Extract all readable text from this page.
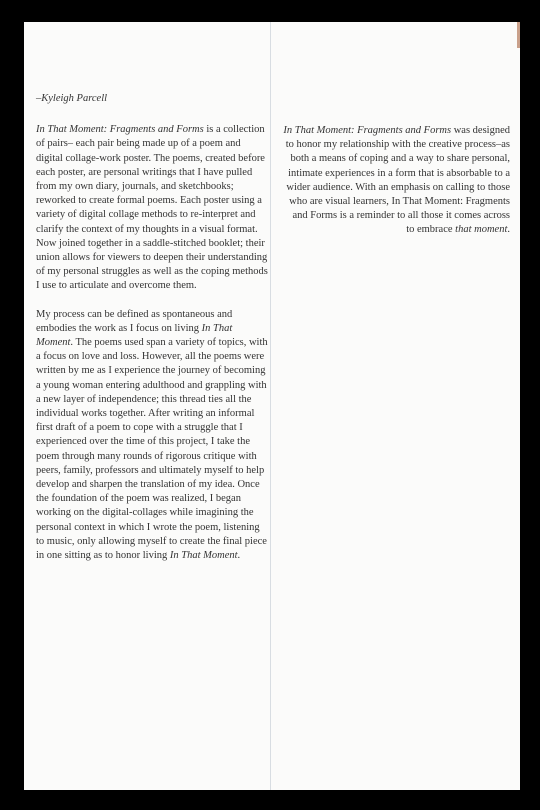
–Kyleigh Parcell

In That Moment: Fragments and Forms is a collection of pairs– each pair being made up of a poem and digital collage-work poster. The poems, created before each poster, are personal writings that I have pulled from my own diary, journals, and sketchbooks; reworked to create formal poems. Each poster using a variety of digital collage methods to re-interpret and clarify the context of my thoughts in a visual format. Now joined together in a saddle-stitched booklet; their union allows for viewers to deepen their understanding of my personal struggles as well as the coping methods I use to articulate and overcome them.

My process can be defined as spontaneous and embodies the work as I focus on living In That Moment. The poems used span a variety of topics, with a focus on love and loss. However, all the poems were written by me as I experience the journey of becoming a young woman entering adulthood and grappling with a new layer of independence; this thread ties all the individual works together. After writing an informal first draft of a poem to cope with a struggle that I experienced over the time of this project, I take the poem through many rounds of rigorous critique with peers, family, professors and ultimately myself to help develop and sharpen the translation of my idea. Once the foundation of the poem was realized, I began working on the digital-collages while imagining the personal context in which I wrote the poem, listening to music, only allowing myself to create the final piece in one sitting as to honor living In That Moment.

In That Moment: Fragments and Forms was designed to honor my relationship with the creative process–as both a means of coping and a way to share personal, intimate experiences in a form that is absorbable to a wider audience. With an emphasis on calling to those who are visual learners, In That Moment: Fragments and Forms is a reminder to all those it comes across to embrace that moment.
